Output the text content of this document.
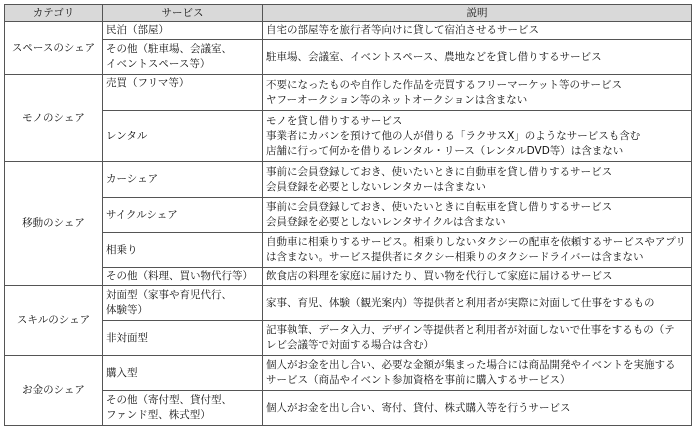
カテゴリ	サービス	説明
スペースのシェア	民泊（部屋）	自宅の部屋等を旅行者等向けに貸して宿泊させるサービス

	その他（駐車場、会議室、
イベントスペース等）	駐車場、会議室、イベントスペース、農地などを貸し借りするサービス

モノのシェア	売買（フリマ等）	不要になったものや自作した作品を売買するフリーマーケット等のサービス
ヤフーオークション等のネットオークションは含まない

	レンタル	モノを貸し借りするサービス
事業者にカバンを預けて他の人が借りる「ラクサスX」のようなサービスも含む
店舗に行って何かを借りるレンタル・リース（レンタルDVD等）は含まない

移動のシェア	カーシェア	事前に会員登録しておき、使いたいときに自動車を貸し借りするサービス
会員登録を必要としないレンタカーは含まない

	サイクルシェア	事前に会員登録しておき、使いたいときに自転車を貸し借りするサービス
会員登録を必要としないレンタサイクルは含まない

	相乗り	自動車に相乗りするサービス。相乗りしないタクシーの配車を依頼するサービスやアプリ
は含まない。サービス提供者にタクシー相乗りのタクシードライバーは含まない

	その他（料理、買い物代行等）	飲食店の料理を家庭に届けたり、買い物を代行して家庭に届けるサービス

スキルのシェア	対面型（家事や育児代行、
体験等）	家事、育児、体験（観光案内）等提供者と利用者が実際に対面して仕事をするもの

	非対面型	記事執筆、データ入力、デザイン等提供者と利用者が対面しないで仕事をするもの（テ
レビ会議等で対面する場合は含む）

お金のシェア	購入型	個人がお金を出し合い、必要な金額が集まった場合には商品開発やイベントを実施する
サービス（商品やイベント参加資格を事前に購入するサービス）

	その他（寄付型、貸付型、
ファンド型、株式型）	個人がお金を出し合い、寄付、貸付、株式購入等を行うサービス
